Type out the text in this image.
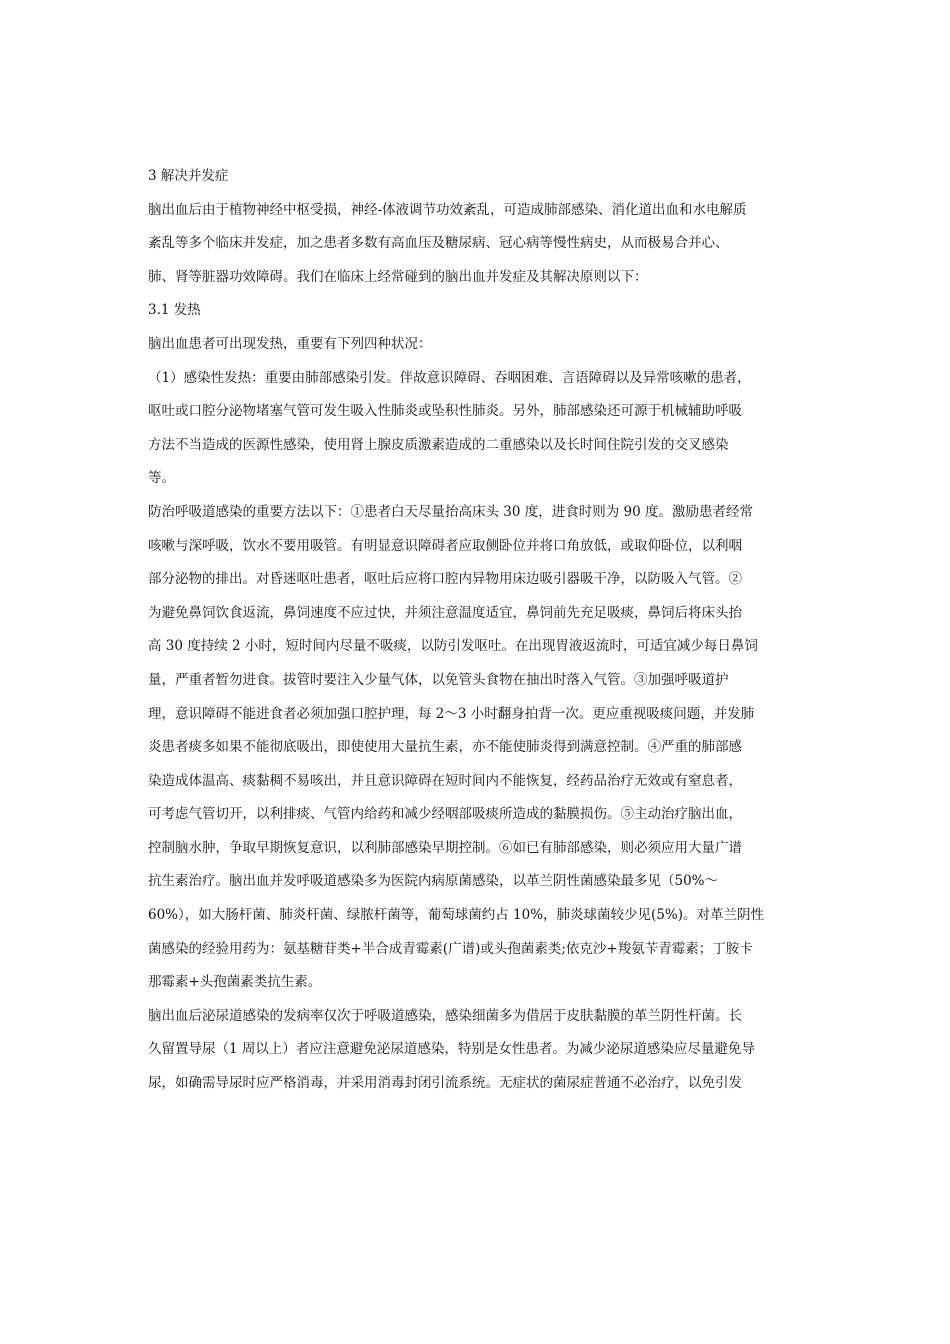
3 解决并发症
脑出血后由于植物神经中枢受损，神经-体液调节功效紊乱，可造成肺部感染、消化道出血和水电解质
紊乱等多个临床并发症，加之患者多数有高血压及糖尿病、冠心病等慢性病史，从而极易合并心、
肺、肾等脏器功效障碍。我们在临床上经常碰到的脑出血并发症及其解决原则以下：
3.1 发热
脑出血患者可出现发热，重要有下列四种状况：
（1）感染性发热：重要由肺部感染引发。伴故意识障碍、吞咽困难、言语障碍以及异常咳嗽的患者，
呕吐或口腔分泌物堵塞气管可发生吸入性肺炎或坠积性肺炎。另外，肺部感染还可源于机械辅助呼吸
方法不当造成的医源性感染，使用肾上腺皮质激素造成的二重感染以及长时间住院引发的交叉感染
等。
防治呼吸道感染的重要方法以下：①患者白天尽量抬高床头 30 度，进食时则为 90 度。激励患者经常
咳嗽与深呼吸，饮水不要用吸管。有明显意识障碍者应取侧卧位并将口角放低，或取仰卧位，以利咽
部分泌物的排出。对昏迷呕吐患者，呕吐后应将口腔内异物用床边吸引器吸干净，以防吸入气管。②
为避免鼻饲饮食返流，鼻饲速度不应过快，并须注意温度适宜，鼻饲前先充足吸痰，鼻饲后将床头抬
高 30 度持续 2 小时，短时间内尽量不吸痰，以防引发呕吐。在出现胃液返流时，可适宜减少每日鼻饲
量，严重者暂勿进食。拔管时要注入少量气体，以免管头食物在抽出时落入气管。③加强呼吸道护
理，意识障碍不能进食者必须加强口腔护理，每 2～3 小时翻身拍背一次。更应重视吸痰问题，并发肺
炎患者痰多如果不能彻底吸出，即使使用大量抗生素，亦不能使肺炎得到满意控制。④严重的肺部感
染造成体温高、痰黏稠不易咳出，并且意识障碍在短时间内不能恢复，经药品治疗无效或有窒息者，
可考虑气管切开，以利排痰、气管内给药和减少经咽部吸痰所造成的黏膜损伤。⑤主动治疗脑出血，
控制脑水肿，争取早期恢复意识，以利肺部感染早期控制。⑥如已有肺部感染，则必须应用大量广谱
抗生素治疗。脑出血并发呼吸道感染多为医院内病原菌感染，以革兰阴性菌感染最多见（50%～
60%），如大肠杆菌、肺炎杆菌、绿脓杆菌等，葡萄球菌约占 10%，肺炎球菌较少见(5%)。对革兰阴性
菌感染的经验用药为：氨基糖苷类+半合成青霉素(广谱)或头孢菌素类;依克沙+羧氨苄青霉素；丁胺卡
那霉素+头孢菌素类抗生素。
脑出血后泌尿道感染的发病率仅次于呼吸道感染，感染细菌多为借居于皮肤黏膜的革兰阴性杆菌。长
久留置导尿（1 周以上）者应注意避免泌尿道感染，特别是女性患者。为减少泌尿道感染应尽量避免导
尿，如确需导尿时应严格消毒，并采用消毒封闭引流系统。无症状的菌尿症普通不必治疗，以免引发
